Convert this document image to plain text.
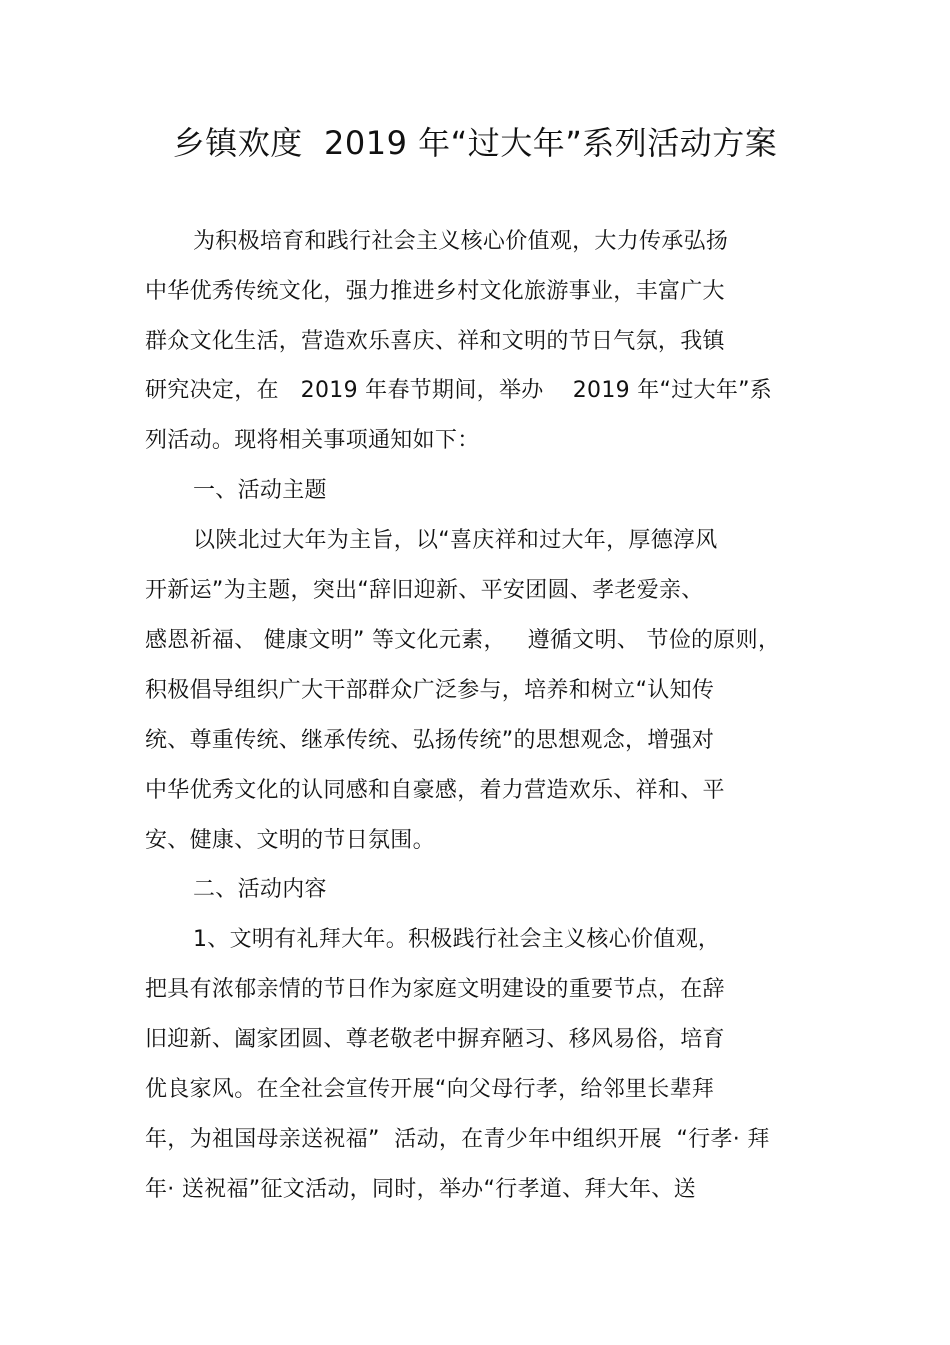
乡镇欢度  2019 年“过大年”系列活动方案
为积极培育和践行社会主义核心价值观，大力传承弘扬
中华优秀传统文化，强力推进乡村文化旅游事业，丰富广大
群众文化生活，营造欢乐喜庆、祥和文明的节日气氛，我镇
研究决定，在   2019 年春节期间，举办    2019 年“过大年”系
列活动。现将相关事项通知如下：
一、活动主题
以陕北过大年为主旨，以“喜庆祥和过大年，厚德淳风
开新运”为主题，突出“辞旧迎新、平安团圆、孝老爱亲、
感恩祈福、 健康文明” 等文化元素，   遵循文明、 节俭的原则，
积极倡导组织广大干部群众广泛参与，培养和树立“认知传
统、尊重传统、继承传统、弘扬传统”的思想观念，增强对
中华优秀文化的认同感和自豪感，着力营造欢乐、祥和、平
安、健康、文明的节日氛围。
二、活动内容
1、文明有礼拜大年。积极践行社会主义核心价值观，
把具有浓郁亲情的节日作为家庭文明建设的重要节点，在辞
旧迎新、阖家团圆、尊老敬老中摒弃陋习、移风易俗，培育
优良家风。在全社会宣传开展“向父母行孝，给邻里长辈拜
年，为祖国母亲送祝福”  活动，在青少年中组织开展  “行孝· 拜
年· 送祝福”征文活动，同时，举办“行孝道、拜大年、送
